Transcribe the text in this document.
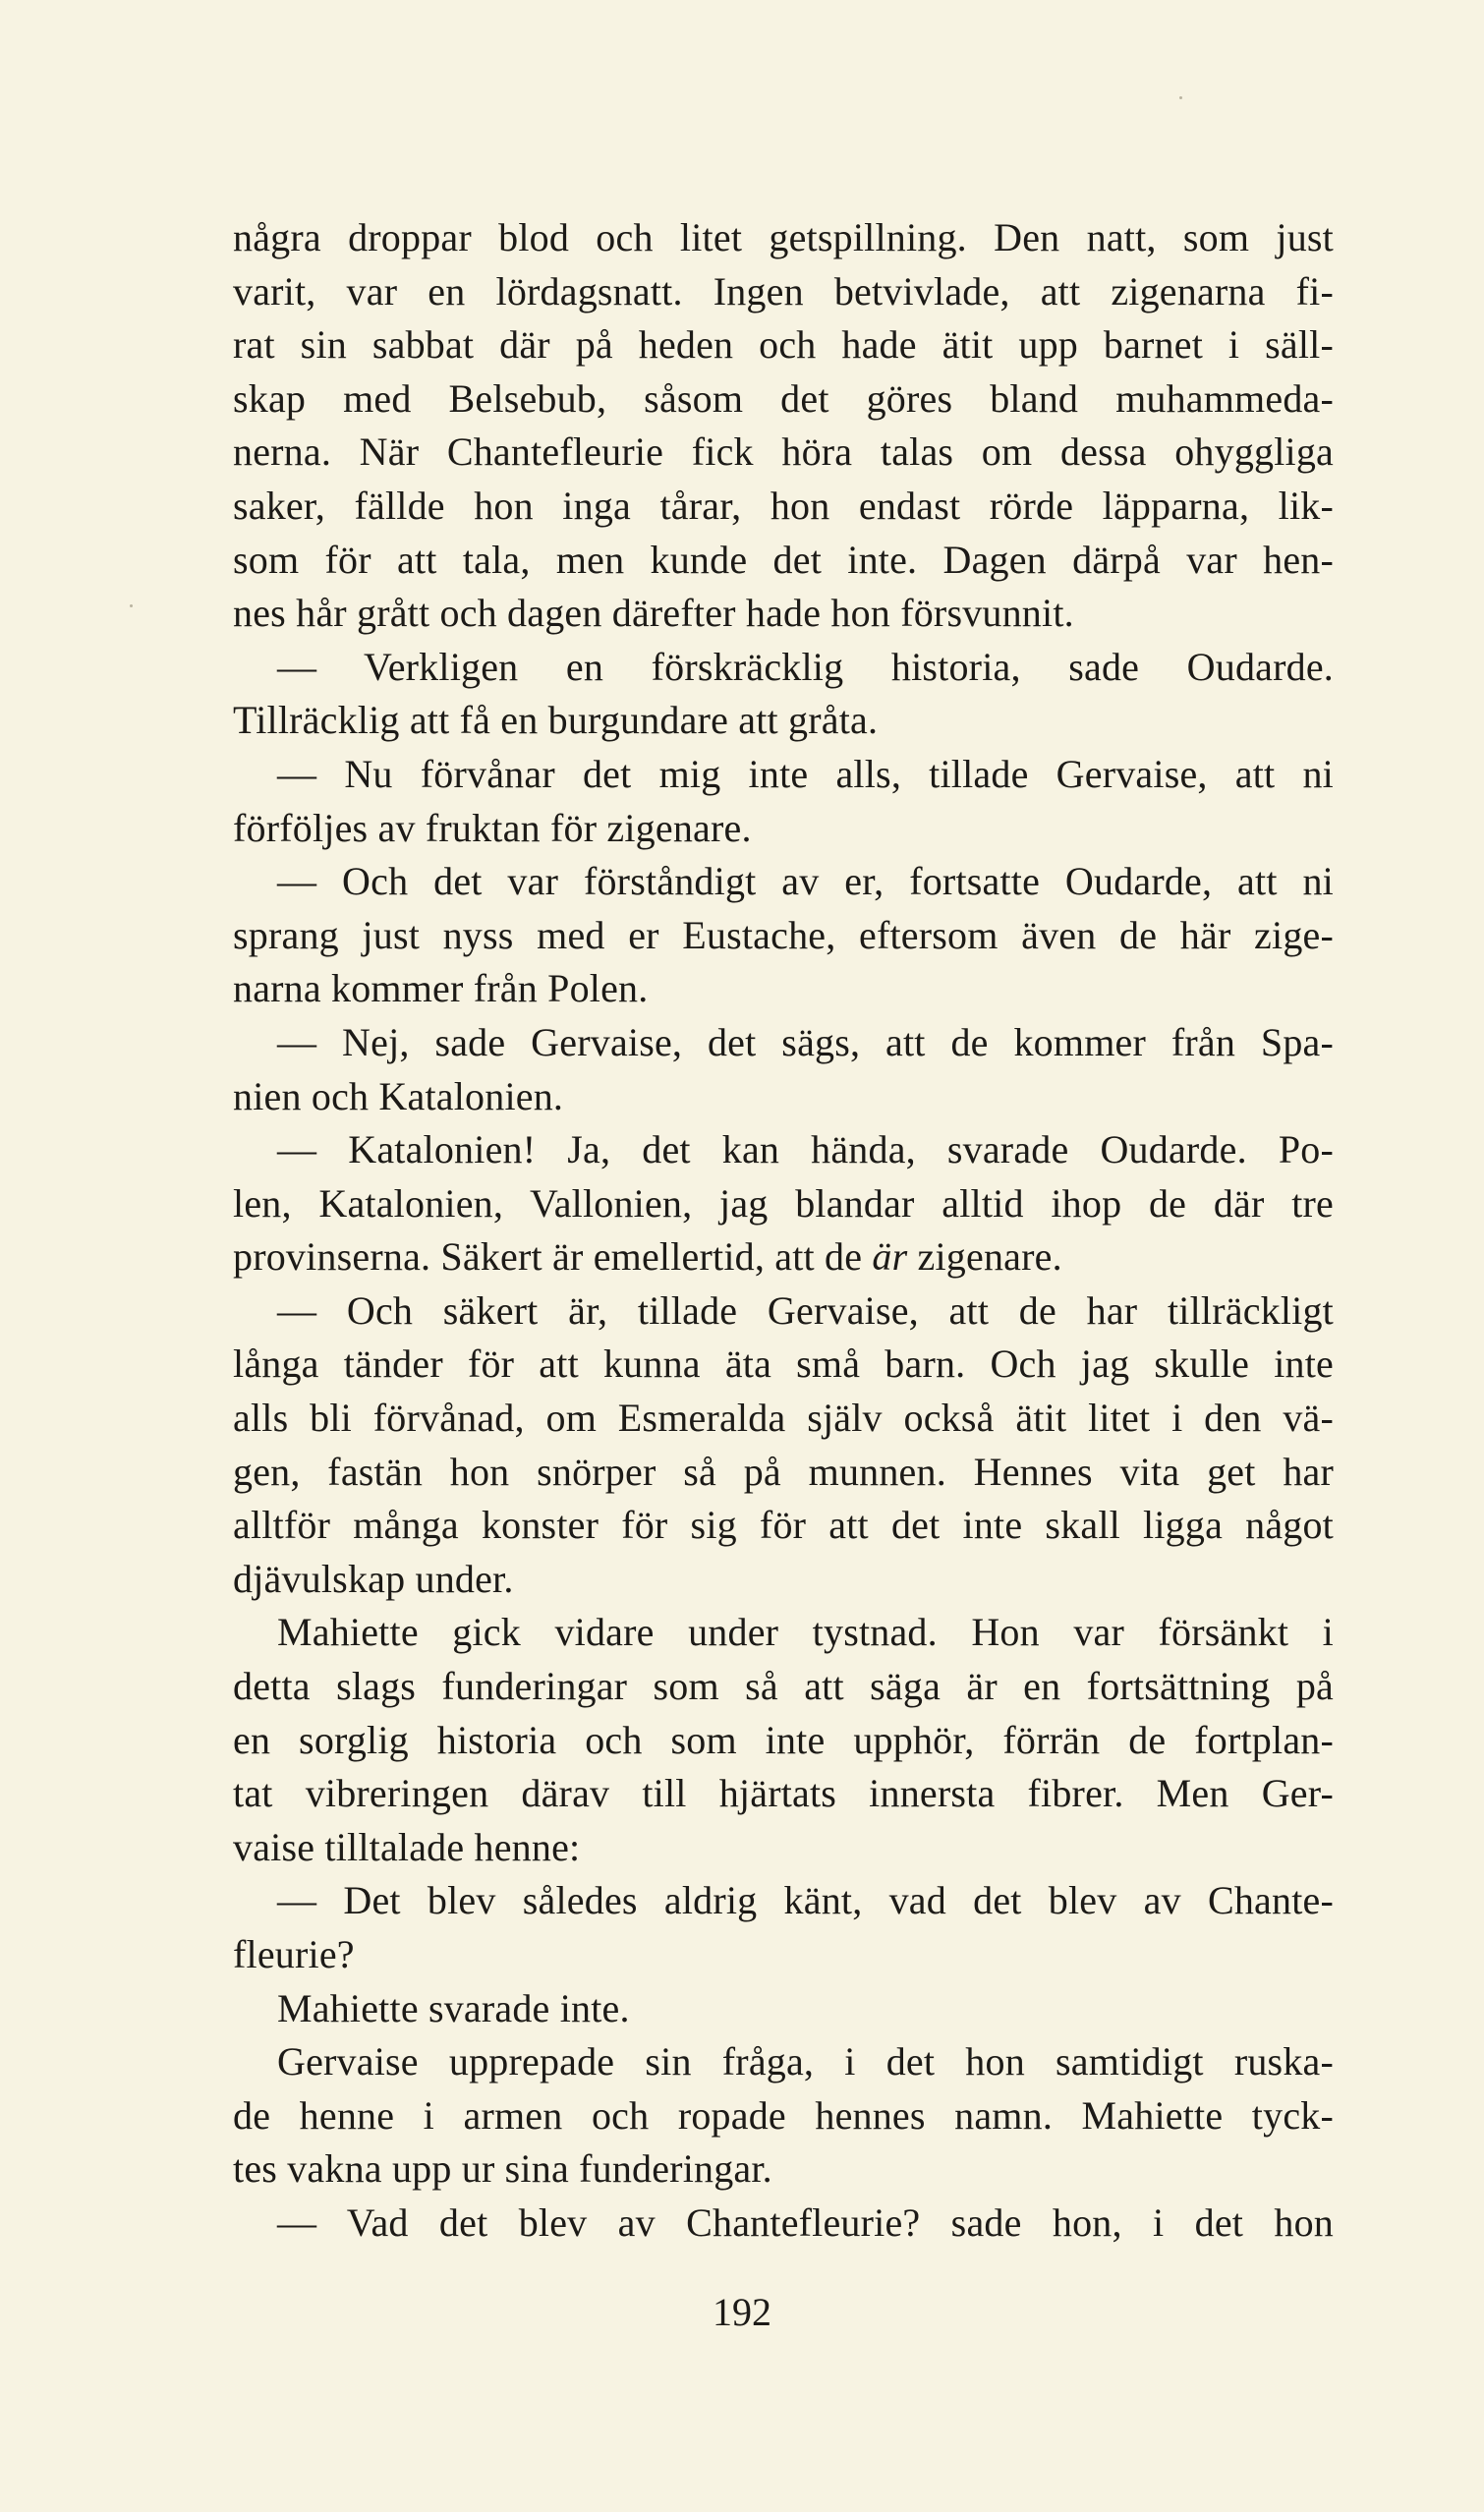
några droppar blod och litet getspillning. Den natt, som just
varit, var en lördagsnatt. Ingen betvivlade, att zigenarna fi-
rat sin sabbat där på heden och hade ätit upp barnet i säll-
skap med Belsebub, såsom det göres bland muhammeda-
nerna. När Chantefleurie fick höra talas om dessa ohyggliga
saker, fällde hon inga tårar, hon endast rörde läpparna, lik-
som för att tala, men kunde det inte. Dagen därpå var hen-
nes hår grått och dagen därefter hade hon försvunnit.
— Verkligen en förskräcklig historia, sade Oudarde.
Tillräcklig att få en burgundare att gråta.
— Nu förvånar det mig inte alls, tillade Gervaise, att ni
förföljes av fruktan för zigenare.
— Och det var förståndigt av er, fortsatte Oudarde, att ni
sprang just nyss med er Eustache, eftersom även de här zige-
narna kommer från Polen.
— Nej, sade Gervaise, det sägs, att de kommer från Spa-
nien och Katalonien.
— Katalonien! Ja, det kan hända, svarade Oudarde. Po-
len, Katalonien, Vallonien, jag blandar alltid ihop de där tre
provinserna. Säkert är emellertid, att de är zigenare.
— Och säkert är, tillade Gervaise, att de har tillräckligt
långa tänder för att kunna äta små barn. Och jag skulle inte
alls bli förvånad, om Esmeralda själv också ätit litet i den vä-
gen, fastän hon snörper så på munnen. Hennes vita get har
alltför många konster för sig för att det inte skall ligga något
djävulskap under.
Mahiette gick vidare under tystnad. Hon var försänkt i
detta slags funderingar som så att säga är en fortsättning på
en sorglig historia och som inte upphör, förrän de fortplan-
tat vibreringen därav till hjärtats innersta fibrer. Men Ger-
vaise tilltalade henne:
— Det blev således aldrig känt, vad det blev av Chante-
fleurie?
Mahiette svarade inte.
Gervaise upprepade sin fråga, i det hon samtidigt ruska-
de henne i armen och ropade hennes namn. Mahiette tyck-
tes vakna upp ur sina funderingar.
— Vad det blev av Chantefleurie? sade hon, i det hon
192
